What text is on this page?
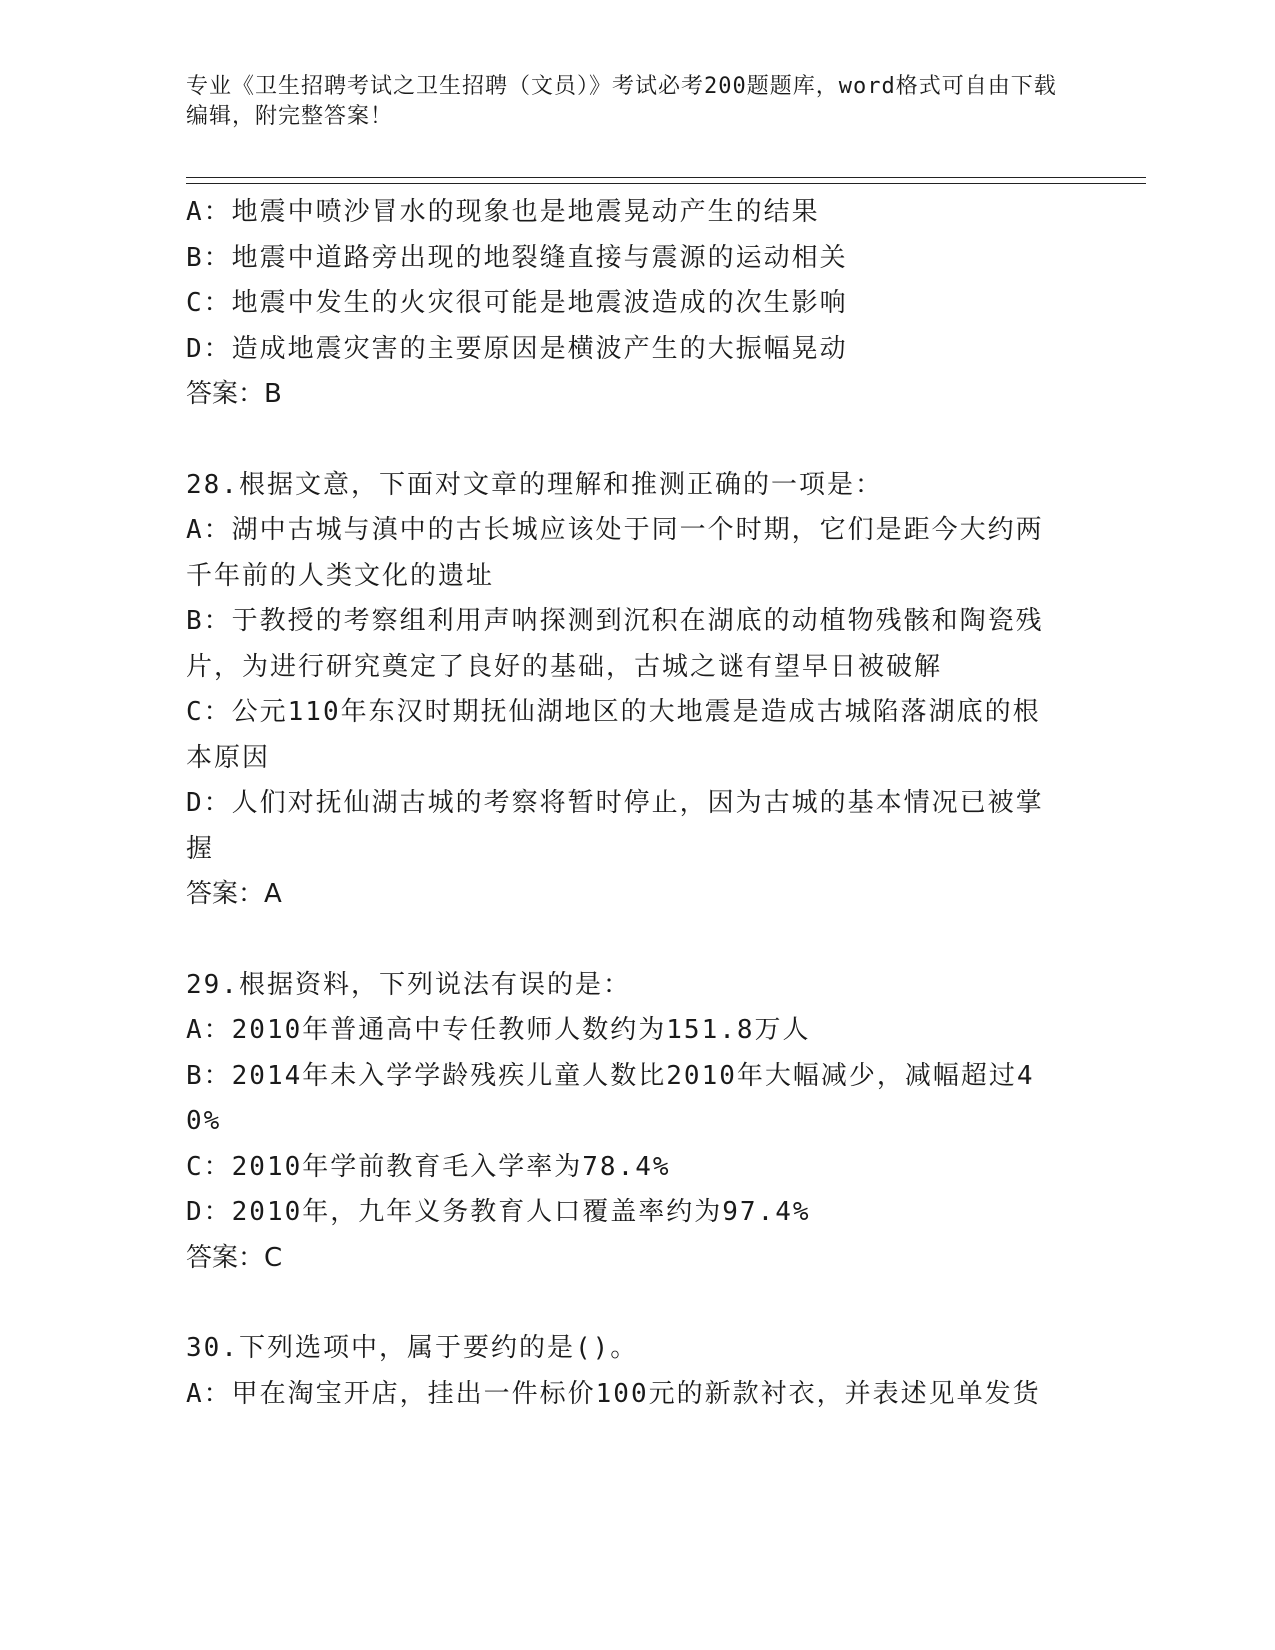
专业《卫生招聘考试之卫生招聘（文员）》考试必考200题题库，word格式可自由下载编辑，附完整答案！

A：地震中喷沙冒水的现象也是地震晃动产生的结果

B：地震中道路旁出现的地裂缝直接与震源的运动相关

C：地震中发生的火灾很可能是地震波造成的次生影响

D：造成地震灾害的主要原因是横波产生的大振幅晃动

答案：B

28.根据文意，下面对文章的理解和推测正确的一项是：

A：湖中古城与滇中的古长城应该处于同一个时期，它们是距今大约两千年前的人类文化的遗址

B：于教授的考察组利用声呐探测到沉积在湖底的动植物残骸和陶瓷残片，为进行研究奠定了良好的基础，古城之谜有望早日被破解

C：公元110年东汉时期抚仙湖地区的大地震是造成古城陷落湖底的根本原因

D：人们对抚仙湖古城的考察将暂时停止，因为古城的基本情况已被掌握

答案：A

29.根据资料，下列说法有误的是：

A：2010年普通高中专任教师人数约为151.8万人

B：2014年未入学学龄残疾儿童人数比2010年大幅减少，减幅超过40%

C：2010年学前教育毛入学率为78.4%

D：2010年，九年义务教育人口覆盖率约为97.4%

答案：C

30.下列选项中，属于要约的是()。

A：甲在淘宝开店，挂出一件标价100元的新款衬衣，并表述见单发货
